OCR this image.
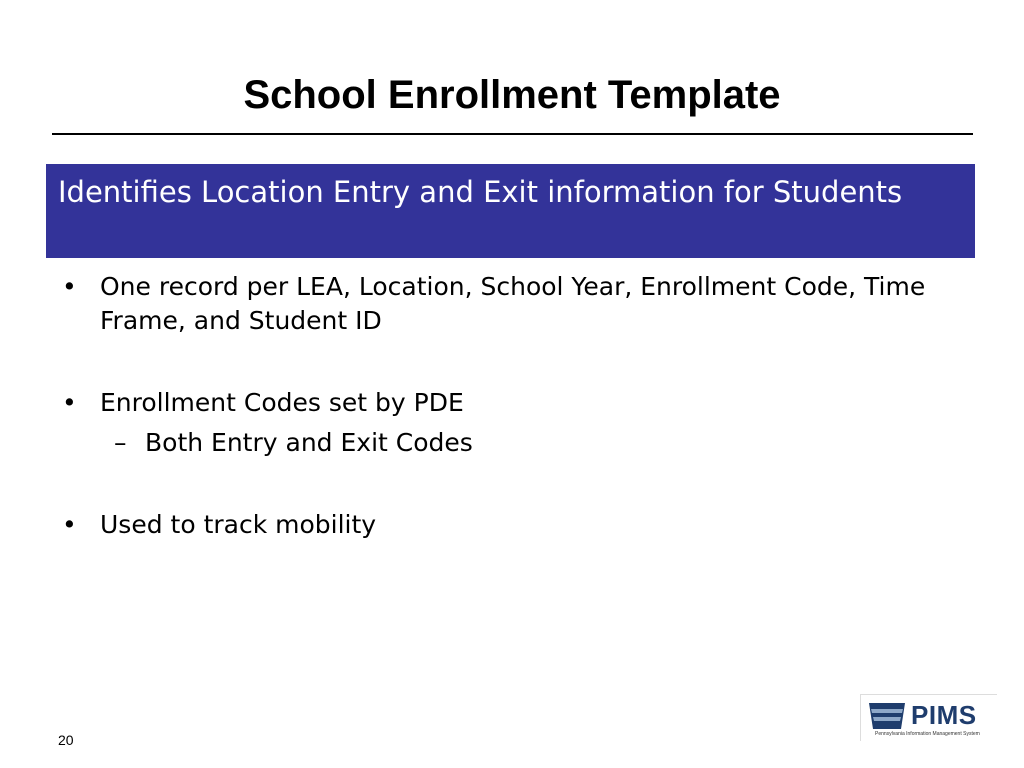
School Enrollment Template
Identifies Location Entry and Exit information for Students
• One record per LEA, Location, School Year, Enrollment Code, Time Frame, and Student ID
• Enrollment Codes set by PDE
– Both Entry and Exit Codes
• Used to track mobility
20
PIMS
Pennsylvania Information Management System
